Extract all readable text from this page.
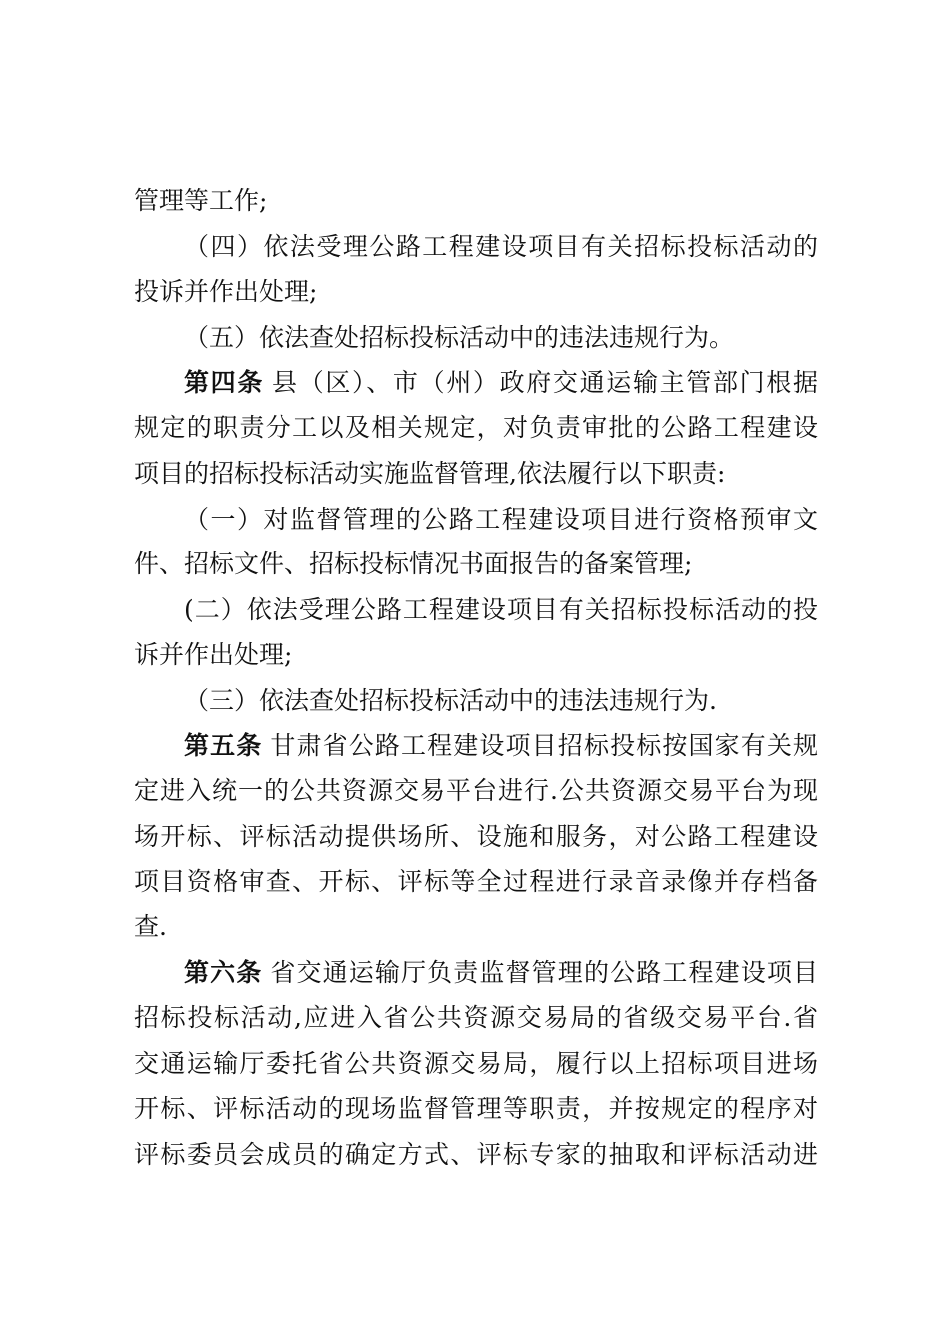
管理等工作;
（四）依法受理公路工程建设项目有关招标投标活动的
投诉并作出处理;
（五）依法查处招标投标活动中的违法违规行为。
第四条 县（区）、市（州）政府交通运输主管部门根据
规定的职责分工以及相关规定，对负责审批的公路工程建设
项目的招标投标活动实施监督管理,依法履行以下职责:
（一）对监督管理的公路工程建设项目进行资格预审文
件、招标文件、招标投标情况书面报告的备案管理;
(二）依法受理公路工程建设项目有关招标投标活动的投
诉并作出处理;
（三）依法查处招标投标活动中的违法违规行为.
第五条 甘肃省公路工程建设项目招标投标按国家有关规
定进入统一的公共资源交易平台进行.公共资源交易平台为现
场开标、评标活动提供场所、设施和服务，对公路工程建设
项目资格审查、开标、评标等全过程进行录音录像并存档备
查.
第六条 省交通运输厅负责监督管理的公路工程建设项目
招标投标活动,应进入省公共资源交易局的省级交易平台.省
交通运输厅委托省公共资源交易局，履行以上招标项目进场
开标、评标活动的现场监督管理等职责，并按规定的程序对
评标委员会成员的确定方式、评标专家的抽取和评标活动进
